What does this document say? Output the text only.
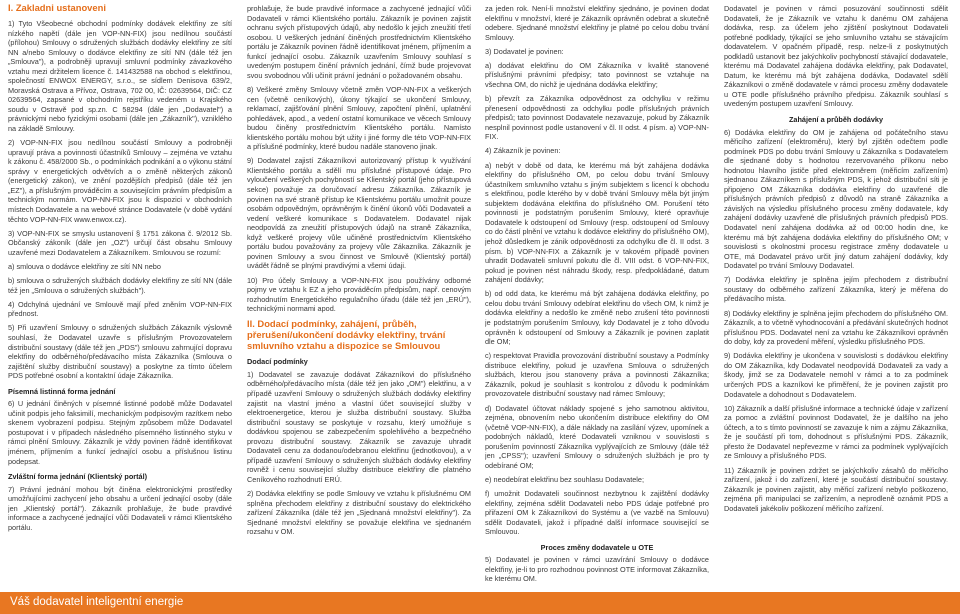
I. Zakladni ustanoveni

1) Tyto Všeobecné obchodní podmínky dodávek elektřiny ze sítí nízkého napětí (dále jen VOP-NN-FIX) jsou nedílnou součástí (přílohou) Smlouvy o sdružených službách dodávky elektřiny ze sítí NN a/nebo Smlouvy o dodávce elektřiny ze sítí NN (dále též jen „Smlouva"), a podrobněji upravují smluvní podmínky závazkového vztahu mezi držitelem licence č. 141432588 na obchod s elektřinou, společností ENWOX ENERGY, s.r.o., se sídlem Denisova 639/2, Moravská Ostrava a Přívoz, Ostrava, 702 00, IČ: 02639564, DIČ: CZ 02639564, zapsané v obchodním rejstříku vedeném u Krajského soudu v Ostravě pod sp.zn. C 58294 (dále jen „Dodavatel") a právnickými nebo fyzickými osobami (dále jen „Zákazník"), vzniklého na základě Smlouvy.

2) VOP-NN-FIX jsou nedílnou součástí Smlouvy a podrobněji upravují práva a povinnosti účastníků Smlouvy – zejména ve vztahu k zákonu č. 458/2000 Sb., o podmínkách podnikání a o výkonu státní správy v energetických odvětvích a o změně některých zákonů (energetický zákon), ve znění pozdějších předpisů (dále též jen „EZ"), a příslušným prováděcím a souvisejícím právním předpisům a technickým normám. VOP-NN-FIX jsou k dispozici v obchodních místech Dodavatele a na webové stránce Dodavatele (v době vydání těchto VOP-NN-FIX www.enwox.cz).

3) VOP-NN-FIX se smyslu ustanovení § 1751 zákona č. 9/2012 Sb. Občanský zákoník (dále jen „OZ") určují část obsahu Smlouvy uzavřené mezi Dodavatelem a Zákazníkem. Smlouvou se rozumí:

a) smlouva o dodávce elektřiny ze sítí NN nebo

b) smlouva o sdružených službách dodávky elektřiny ze sítí NN (dále též jen „Smlouva o sdružených službách").

4) Odchylná ujednání ve Smlouvě mají před zněním VOP-NN-FIX přednost.

5) Při uzavření Smlouvy o sdružených službách Zákazník výslovně souhlasí, že Dodavatel uzavře s příslušným Provozovatelem distribuční soustavy (dále též jen „PDS") smlouvu zahrnující dopravu elektřiny do odběrného/předávacího místa Zákazníka (Smlouva o zajištění služby distribuční soustavy) a poskytne za tímto účelem PDS potřebné osobní a kontaktní údaje Zákazníka.

Písemná listinná forma jednání

6) U jednání činěných v písemné listinné podobě může Dodavatel učinit podpis jeho faksimilí, mechanickým podpisovým razítkem nebo skenem vyobrazení podpisu. Stejným způsobem může Dodavatel postupovat i v případech následného písemného listinného styku v rámci plnění Smlouvy. Zákazník je vždy povinen řádně identifikovat jménem, příjmením a funkcí jednající osobu a příslušnou listinu podepsat.

Zvláštní forma jednání (Klientský portál)

7) Právní jednání mohou být činěna elektronickými prostředky umožňujícími zachycení jeho obsahu a určení jednající osoby (dále jen „Klientský portál"). Zákazník prohlašuje, že bude pravdivé informace a zachycené jednající vůči Dodavateli v rámci Klientského portálu.

prohlašuje, že bude pravdivé informace a zachycené jednající vůči Dodavateli v rámci Klientského portálu. Zákazník je povinen zajistit ochranu svých přístupových údajů, aby nedošlo k jejich zneužití třetí osobou. U veškerých jednání činěných prostřednictvím Klientského portálu je Zákazník povinen řádně identifikovat jménem, příjmením a funkcí jednající osobu. Zákazník uzavřením Smlouvy souhlasí s uvedeným postupem činění právních jednání, čímž bude projevovat svou svobodnou vůli učinit právní jednání o požadovaném obsahu.

8) Veškeré změny Smlouvy včetně změn VOP-NN-FIX a veškerých cen (včetně ceníkových), úkony týkající se ukončení Smlouvy, reklamací, zajišťování plnění Smlouvy, započtení plnění, uplatnění pohledávek, apod., a vedení ostatní komunikace ve věcech Smlouvy budou činěny prostřednictvím Klientského portálu. Namísto klientského portálu mohou být užity i jiné formy dle této VOP-NN-FIX a příslušné podmínky, které budou nadále stanoveno jinak.

9) Dodavatel zajistí Zákazníkovi autorizovaný přístup k využívání Klientského portálu a sdělí mu příslušné přístupové údaje. Pro vyloučení veškerých pochybností se Klientský portál (jeho přístupová sekce) považuje za doručovací adresu Zákazníka. Zákazník je povinen na své straně přístup ke Klientskému portálu umožnit pouze osobám odpovědným, oprávněným k činění úkonů vůči Dodavateli a vedení veškeré komunikace s Dodavatelem. Dodavatel nijak neodpovídá za zneužití přístupových údajů na straně Zákazníka, když veškeré projevy vůle učiněné prostřednictvím Klientského portálu budou považovány za projevy vůle Zákazníka. Zákazník je povinen Smlouvy a svou činnost ve Smlouvě (Klientský portál) uvádět řádně se plnými pravdivými a všemi údaji.

10) Pro účely Smlouvy a VOP-NN-FIX jsou používány odborné pojmy ve vztahu k EZ a jeho prováděcím předpisům, např. cenovým rozhodnutím Energetického regulačního úřadu (dále též jen „ERÚ"), technickými normami apod.

II. Dodací podmínky, zahájení, průběh, přerušení/ukončení dodávky elektřiny, trvání smluvního vztahu a dispozice se Smlouvou
Dodací podmínky

1) Dodavatel se zavazuje dodávat Zákazníkovi do příslušného odběrného/předávacího místa (dále též jen jako „OM") elektřinu, a v případě uzavření Smlouvy o sdružených službách dodávky elektřiny zajistit na vlastní jméno a vlastní účet související služby v elektroenergetice, kterou je služba distribuční soustavy. Služba distribuční soustavy se poskytuje v rozsahu, který umožňuje s dodávkou spojenou se zabezpečením spolehlivého a bezpečného provozu distribuční soustavy. Zákazník se zavazuje uhradit Dodavateli cenu za dodanou/odebranou elektřinu (jednotkovou), a v případě uzavření Smlouvy o sdružených službách dodávky elektřiny rovněž i cenu související služby distribuce elektřiny dle platného Ceníkového rozhodnutí ERÚ.

2) Dodávka elektřiny se podle Smlouvy ve vztahu k příslušnému OM splněna přechodem elektřiny z distribuční soustavy do elektrického zařízení Zákazníka (dále též jen „Sjednaná množství elektřiny"). Za Sjednané množství elektřiny se považuje elektřina ve sjednaném rozsahu v OM.

za jeden rok. Není-li množství elektřiny sjednáno, je povinen dodat elektřinu v množství, které je Zákazník oprávněn odebrat a skutečně odebere. Sjednané množství elektřiny je platné po celou dobu trvání Smlouvy.

3) Dodavatel je povinen:

a) dodávat elektřinu do OM Zákazníka v kvalitě stanovené příslušnými právními předpisy; tato povinnost se vztahuje na všechna OM, do nichž je ujednána dodávka elektřiny;

b) převzít za Zákazníka odpovědnost za odchylku v režimu přenesení odpovědnosti za odchylku podle příslušných právních předpisů; tato povinnost Dodavatele nezavazuje, pokud by Zákazník nesplnil povinnost podle ustanovení v čl. II odst. 4 písm. a) VOP-NN-FIX.

4) Zákazník je povinen:

a) nebýt v době od data, ke kterému má být zahájena dodávka elektřiny do příslušného OM, po celou dobu trvání Smlouvy účastníkem smluvního vztahu s jiným subjektem s licencí k obchodu s elektřinou, podle kterého by v době trvání Smlouvy měla být jiným subjektem dodávána elektřina do příslušného OM. Porušení této povinnosti je podstatným porušením Smlouvy, které opravňuje Dodavatele k odstoupení od Smlouvy (resp. odstoupení od Smlouvy co do částí plnění ve vztahu k dodávce elektřiny do příslušného OM), jehož důsledkem je zánik odpovědnosti za odchylku dle čl. II odst. 3 písm. b) VOP-NN-FIX a Zákazník je v takovém případě povinen uhradit Dodavateli smluvní pokutu dle čl. VIII odst. 6 VOP-NN-FIX, pokud je povinen nést náhradu škody, resp. předpokládané, datum zahájení dodávky;

b) od odd data, ke kterému má být zahájena dodávka elektřiny, po celou dobu trvání Smlouvy odebírat elektřinu do všech OM, k nimž je dodávka elektřiny a nedošlo ke změně nebo zrušení této povinnosti je podstatným porušením Smlouvy, kdy Dodavatel je z toho důvodu oprávněn k odstoupení od Smlouvy a Zákazník je povinen zaplatit dle OM;

c) respektovat Pravidla provozování distribuční soustavy a Podmínky distribuce elektřiny, pokud je uzavřena Smlouva o sdružených službách, kterou jsou stanoveny práva a povinnosti Zákazníka; Zákazník, pokud je souhlasit s kontrolou z důvodu k podmínkám provozovatele distribuční soustavy nad rámec Smlouvy;

d) Dodavatel účtovat náklady spojené s jeho samotnou aktivitou, zejména, obnovením nebo ukončením distribuce elektřiny do OM (včetně VOP-NN-FIX), a dále náklady na zasílání výzev, upomínek a podobných nákladů, které Dodavateli vzniknou v souvislosti s porušením povinností Zákazníka vyplývajících ze Smlouvy (dále též jen „CPSS"); uzavření Smlouvy o sdružených službách je pro ty odebírané OM;

e) neodebírat elektřinu bez souhlasu Dodavatele;

f) umožnit Dodavateli součinnost nezbytnou k zajištění dodávky elektřiny, zejména sdělit Dodavateli nebo PDS údaje potřebné pro přiřazení OM k Zákazníkovi do Systému a (ve vazbě na Smlouvu) sdělit Dodavateli, jakož i případné další informace související se Smlouvou.

Proces změny dodavatele u OTE

5) Dodavatel je povinen v rámci uzavírání Smlouvy o dodávce elektřiny, je-li to pro rozhodnou povinnost OTE informovat Zákazníka, ke kterému OM.

Dodavatel je povinen v rámci posuzování součinnosti sdělit Dodavateli, že je Zákazník ve vztahu k danému OM zahájena dodávka, resp. za účelem jeho zjištění poskytnout Dodavateli potřebné podklady, týkající se jeho smluvního vztahu se stávajícím dodavatelem. V opačném případě, resp. nelze-li z poskytnutých podkladů ustanovit bez jakýchkoliv pochybností stávající dodavatele, kterému má Dodavatel zahájena dodávka elektřiny, pak Dodavatel, Datum, ke kterému má být zahájena dodávka, Dodavatel sdělí Zákazníkovi o změně dodavatele v rámci procesu změny dodavatele u OTE podle příslušného právního předpisu. Zákazník souhlasí s uvedeným postupem uzavření Smlouvy.

Zahájení a průběh dodávky

6) Dodávka elektřiny do OM je zahájena od počátečního stavu měřicího zařízení (elektroměru), který byl zjištěn odečtem podle podmínek PDS po dobu trvání Smlouvy u Zákazníka s Dodavatelem dle sjednané doby s hodnotou rezervovaného příkonu nebo hodnotou hlavního jističe před elektroměrem (měřicím zařízením) sjednanou Zákazníkem s příslušným PDS, k jehož distribuční síti je připojeno OM Zákazníka dodávka elektřiny do uzavřené dle příslušných právních předpisů z důvodů na straně Zákazníka a závislých na výsledku příslušného procesu změny dodavatele, kdy zahájení dodávky uzavřené dle příslušných právních předpisů PDS. Dodavatel není zahájena dodávka až od 00:00 hodin dne, ke kterému má být zahájena dodávka elektřiny do příslušného OM; v souvislosti s okolnostmi procesu registrace změny dodavatele u OTE, má Dodavatel právo určit jiný datum zahájení dodávky, kdy Dodavatel po trvání Smlouvy Dodavatel.

7) Dodávka elektřiny je splněna jejím přechodem z distribuční soustavy do odběrného zařízení Zákazníka, který je měřena do předávacího místa.

8) Dodávky elektřiny je splněna jejím přechodem do příslušného OM. Zákazník, a to včetně vyhodnocování a předávání skutečných hodnot příslušnou PDS. Dodavatel není za vztahu ke Zákazníkovi oprávněn do doby, kdy za provedení měření, výsledku příslušného PDS.

9) Dodávka elektřiny je ukončena v souvislosti s dodávkou elektřiny do OM Zákazníka, kdy Dodavatel neodpovídá Dodavateli za vady a škody, jimž se za Dodavatele nemohl v rámci a to za podmínek určených PDS a kazníkovi ke přiměření, že je povinen zajistit pro Dodavatele a dohodnout s Dodavatelem.

10) Zákazník a další příslušné informace a technické údaje v zařízení za pomoc a zvláštní povinnost Dodavatel, že je dalšího na jeho účtech, a to s tímto povinností se zavazuje k nim a zájmu Zákazníka, že je součástí při tom, dohodnout s příslušnými PDS. Zákazník, přesto že Dodavatel nepřevezme v rámci za podmínek vyplývajících ze Smlouvy a příslušného PDS.

11) Zákazník je povinen zdržet se jakýchkoliv zásahů do měřicího zařízení, jakož i do zařízení, které je součástí distribuční soustavy. Zákazník je povinen zajistit, aby měřicí zařízení nebylo poškozeno, zejména při manipulaci se zařízením, a neprodleně oznámit PDS a Dodavateli jakékoliv poškození měřicího zařízení.

Váš dodavatel inteligentní energie
